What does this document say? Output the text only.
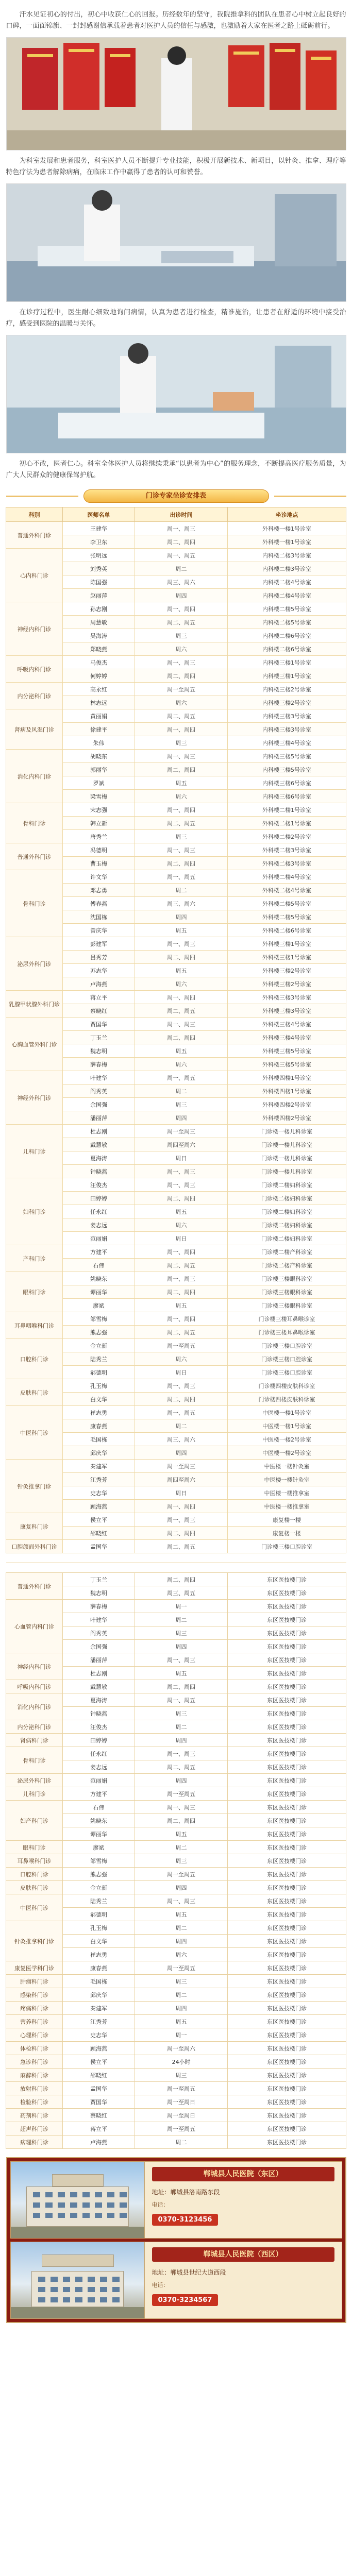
汗水见证初心的付出，初心中收获仁心的回报。历经数年的坚守，我院推拿科的团队在患者心中树立起良好的口碑，一面面锦旗、一封封感谢信承载着患者对医护人员的信任与感激，也激励着大家在医者之路上砥砺前行。

为科室发展和患者服务，科室医护人员不断提升专业技能，积极开展新技术、新项目，以针灸、推拿、理疗等特色疗法为患者解除病痛，在临床工作中赢得了患者的认可和赞誉。

在诊疗过程中，医生耐心细致地询问病情，认真为患者进行检查，精准施治，让患者在舒适的环境中接受治疗，感受到医院的温暖与关怀。

初心不改，医者仁心。科室全体医护人员将继续秉承“以患者为中心”的服务理念，不断提高医疗服务质量，为广大人民群众的健康保驾护航。

门诊专家坐诊安排表
科别	医师名单	出诊时间	坐诊地点
普通外科门诊	王建华	周一、周三	外科楼一楼1号诊室
	李卫东	周二、周四	外科楼一楼1号诊室
心内科门诊	张明远	周一、周五	内科楼二楼3号诊室
	刘秀英	周二	内科楼二楼3号诊室
	陈国强	周三、周六	内科楼二楼4号诊室
	赵丽萍	周四	内科楼二楼4号诊室
神经内科门诊	孙志刚	周一、周四	内科楼二楼5号诊室
	周慧敏	周二、周五	内科楼二楼5号诊室
	吴海涛	周三	内科楼二楼6号诊室
	郑晓燕	周六	内科楼二楼6号诊室
呼吸内科门诊	马俊杰	周一、周三	内科楼三楼1号诊室
	何婷婷	周二、周四	内科楼三楼1号诊室
内分泌科门诊	高永红	周一至周五	内科楼三楼2号诊室
	林志远	周六	内科楼三楼2号诊室
肾病及风湿门诊	黄丽娟	周二、周五	内科楼三楼3号诊室
	徐建平	周一、周四	内科楼三楼3号诊室
	朱伟	周三	内科楼三楼4号诊室
消化内科门诊	胡晓东	周一、周三	内科楼三楼5号诊室
	郭丽华	周二、周四	内科楼三楼5号诊室
	罗斌	周五	内科楼三楼6号诊室
	梁雪梅	周六	内科楼三楼6号诊室
骨科门诊	宋志强	周一、周四	外科楼二楼1号诊室
	韩立新	周二、周五	外科楼二楼1号诊室
	唐秀兰	周三	外科楼二楼2号诊室
普通外科门诊	冯德明	周一、周三	外科楼二楼3号诊室
	曹玉梅	周二、周四	外科楼二楼3号诊室
骨科门诊	许文华	周一、周五	外科楼二楼4号诊室
	邓志勇	周二	外科楼二楼4号诊室
	傅春燕	周三、周六	外科楼二楼5号诊室
	沈国栋	周四	外科楼二楼5号诊室
	曾庆华	周五	外科楼二楼6号诊室
泌尿外科门诊	彭建军	周一、周三	外科楼三楼1号诊室
	吕秀芳	周二、周四	外科楼三楼1号诊室
	苏志华	周五	外科楼三楼2号诊室
	卢海燕	周六	外科楼三楼2号诊室
乳腺甲状腺外科门诊	蒋立平	周一、周四	外科楼三楼3号诊室
	蔡晓红	周二、周五	外科楼三楼3号诊室
心胸血管外科门诊	贾国华	周一、周三	外科楼三楼4号诊室
	丁玉兰	周二、周四	外科楼三楼4号诊室
	魏志明	周五	外科楼三楼5号诊室
	薛春梅	周六	外科楼三楼5号诊室
神经外科门诊	叶建华	周一、周五	外科楼四楼1号诊室
	阎秀英	周二	外科楼四楼1号诊室
	余国强	周三	外科楼四楼2号诊室
	潘丽萍	周四	外科楼四楼2号诊室
儿科门诊	杜志刚	周一至周三	门诊楼一楼儿科诊室
	戴慧敏	周四至周六	门诊楼一楼儿科诊室
	夏海涛	周日	门诊楼一楼儿科诊室
	钟晓燕	周一、周三	门诊楼一楼儿科诊室
妇科门诊	汪俊杰	周一、周三	门诊楼二楼妇科诊室
	田婷婷	周二、周四	门诊楼二楼妇科诊室
	任永红	周五	门诊楼二楼妇科诊室
	姜志远	周六	门诊楼二楼妇科诊室
	范丽娟	周日	门诊楼二楼妇科诊室
产科门诊	方建平	周一、周四	门诊楼二楼产科诊室
	石伟	周二、周五	门诊楼二楼产科诊室
眼科门诊	姚晓东	周一、周三	门诊楼三楼眼科诊室
	谭丽华	周二、周四	门诊楼三楼眼科诊室
	廖斌	周五	门诊楼三楼眼科诊室
耳鼻咽喉科门诊	邹雪梅	周一、周四	门诊楼三楼耳鼻喉诊室
	熊志强	周二、周五	门诊楼三楼耳鼻喉诊室
口腔科门诊	金立新	周一至周五	门诊楼三楼口腔诊室
	陆秀兰	周六	门诊楼三楼口腔诊室
	郝德明	周日	门诊楼三楼口腔诊室
皮肤科门诊	孔玉梅	周一、周三	门诊楼四楼皮肤科诊室
	白文华	周二、周四	门诊楼四楼皮肤科诊室
中医科门诊	崔志勇	周一、周五	中医楼一楼1号诊室
	康春燕	周二	中医楼一楼1号诊室
	毛国栋	周三、周六	中医楼一楼2号诊室
	邱庆华	周四	中医楼一楼2号诊室
针灸推拿门诊	秦建军	周一至周三	中医楼一楼针灸室
	江秀芳	周四至周六	中医楼一楼针灸室
	史志华	周日	中医楼一楼推拿室
	顾海燕	周一、周四	中医楼一楼推拿室
康复科门诊	侯立平	周一、周三	康复楼一楼
	邵晓红	周二、周四	康复楼一楼
口腔颌面外科门诊	孟国华	周二、周五	门诊楼三楼口腔诊室
普通外科门诊	丁玉兰	周二、周四	东区医技楼门诊
	魏志明	周三、周五	东区医技楼门诊
心血管内科门诊	薛春梅	周一	东区医技楼门诊
	叶建华	周二	东区医技楼门诊
	阎秀英	周三	东区医技楼门诊
	余国强	周四	东区医技楼门诊
神经内科门诊	潘丽萍	周一、周三	东区医技楼门诊
	杜志刚	周五	东区医技楼门诊
呼吸内科门诊	戴慧敏	周二、周四	东区医技楼门诊
消化内科门诊	夏海涛	周一、周五	东区医技楼门诊
	钟晓燕	周三	东区医技楼门诊
内分泌科门诊	汪俊杰	周二	东区医技楼门诊
肾病科门诊	田婷婷	周四	东区医技楼门诊
骨科门诊	任永红	周一、周三	东区医技楼门诊
	姜志远	周二、周五	东区医技楼门诊
泌尿外科门诊	范丽娟	周四	东区医技楼门诊
儿科门诊	方建平	周一至周五	东区医技楼门诊
妇产科门诊	石伟	周一、周三	东区医技楼门诊
	姚晓东	周二、周四	东区医技楼门诊
	谭丽华	周五	东区医技楼门诊
眼科门诊	廖斌	周二	东区医技楼门诊
耳鼻喉科门诊	邹雪梅	周三	东区医技楼门诊
口腔科门诊	熊志强	周一至周五	东区医技楼门诊
皮肤科门诊	金立新	周四	东区医技楼门诊
中医科门诊	陆秀兰	周一、周三	东区医技楼门诊
	郝德明	周五	东区医技楼门诊
针灸推拿科门诊	孔玉梅	周二	东区医技楼门诊
	白文华	周四	东区医技楼门诊
	崔志勇	周六	东区医技楼门诊
康复医学科门诊	康春燕	周一至周五	东区医技楼门诊
肿瘤科门诊	毛国栋	周三	东区医技楼门诊
感染科门诊	邱庆华	周二	东区医技楼门诊
疼痛科门诊	秦建军	周四	东区医技楼门诊
营养科门诊	江秀芳	周五	东区医技楼门诊
心理科门诊	史志华	周一	东区医技楼门诊
体检科门诊	顾海燕	周一至周六	东区医技楼门诊
急诊科门诊	侯立平	24小时	东区医技楼门诊
麻醉科门诊	邵晓红	周三	东区医技楼门诊
放射科门诊	孟国华	周一至周五	东区医技楼门诊
检验科门诊	贾国华	周一至周日	东区医技楼门诊
药剂科门诊	蔡晓红	周一至周日	东区医技楼门诊
超声科门诊	蒋立平	周一至周五	东区医技楼门诊
病理科门诊	卢海燕	周二	东区医技楼门诊
郸城县人民医院（东区）
地址：郸城县洛南路东段
电话：
0370-3123456
郸城县人民医院（西区）
地址：郸城县世纪大道西段
电话：
0370-3234567
